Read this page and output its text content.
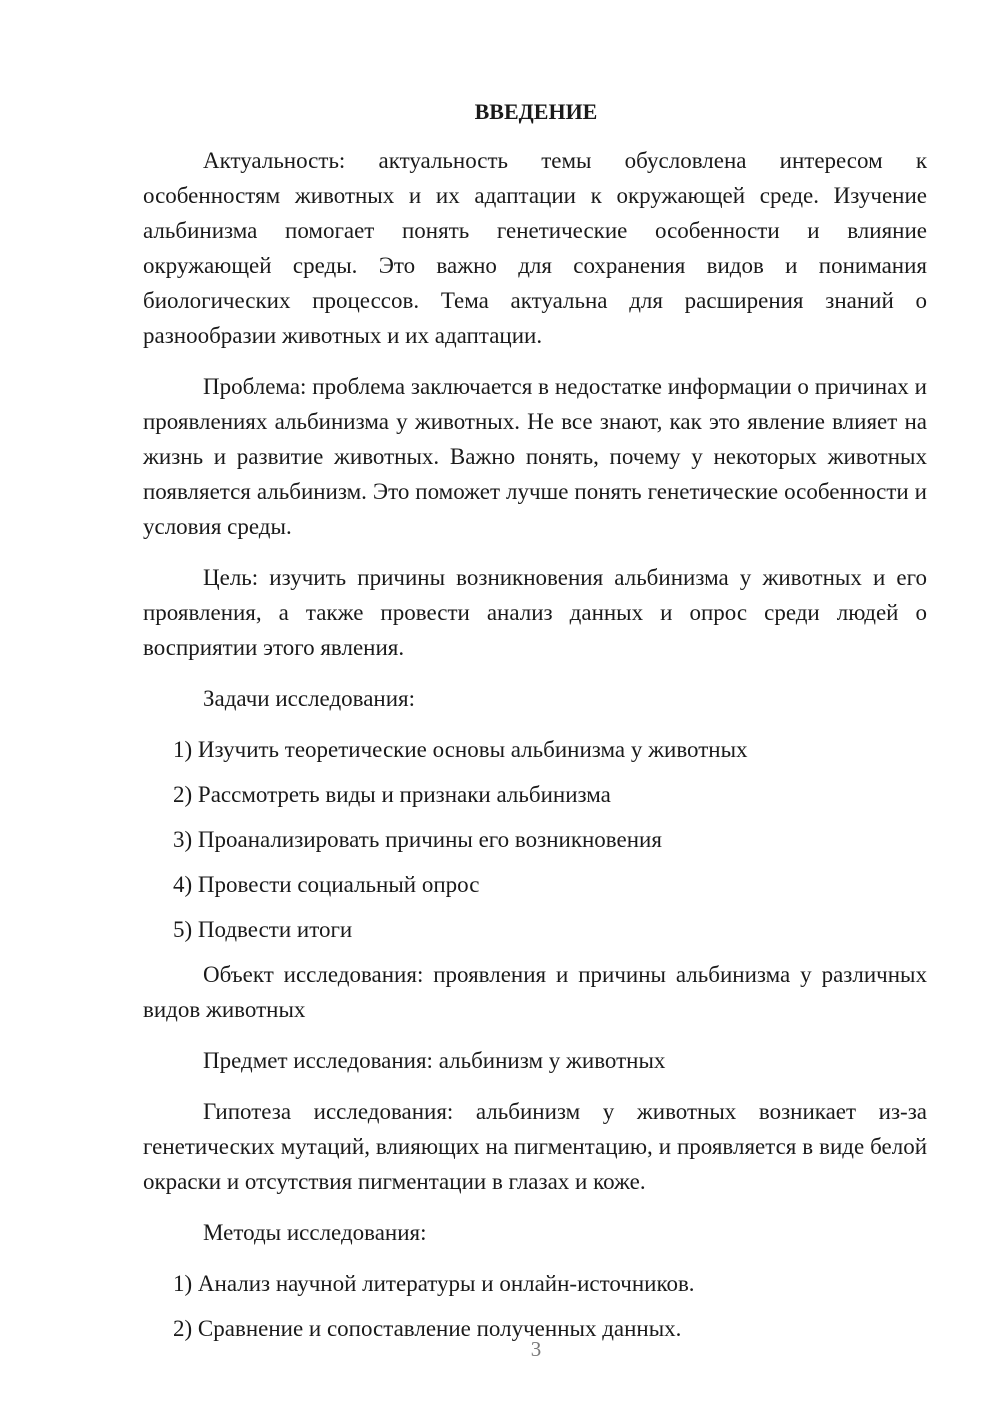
ВВЕДЕНИЕ

Актуальность: актуальность темы обусловлена интересом к особенностям животных и их адаптации к окружающей среде. Изучение альбинизма помогает понять генетические особенности и влияние окружающей среды. Это важно для сохранения видов и понимания биологических процессов. Тема актуальна для расширения знаний о разнообразии животных и их адаптации.

Проблема: проблема заключается в недостатке информации о причинах и проявлениях альбинизма у животных. Не все знают, как это явление влияет на жизнь и развитие животных. Важно понять, почему у некоторых животных появляется альбинизм. Это поможет лучше понять генетические особенности и условия среды.

Цель: изучить причины возникновения альбинизма у животных и его проявления, а также провести анализ данных и опрос среди людей о восприятии этого явления.

Задачи исследования:

1) Изучить теоретические основы альбинизма у животных

2) Рассмотреть виды и признаки альбинизма

3) Проанализировать причины его возникновения

4) Провести социальный опрос

5) Подвести итоги

Объект исследования: проявления и причины альбинизма у различных видов животных

Предмет исследования: альбинизм у животных

Гипотеза исследования: альбинизм у животных возникает из-за генетических мутаций, влияющих на пигментацию, и проявляется в виде белой окраски и отсутствия пигментации в глазах и коже.

Методы исследования:

1) Анализ научной литературы и онлайн-источников.

2) Сравнение и сопоставление полученных данных.

3
